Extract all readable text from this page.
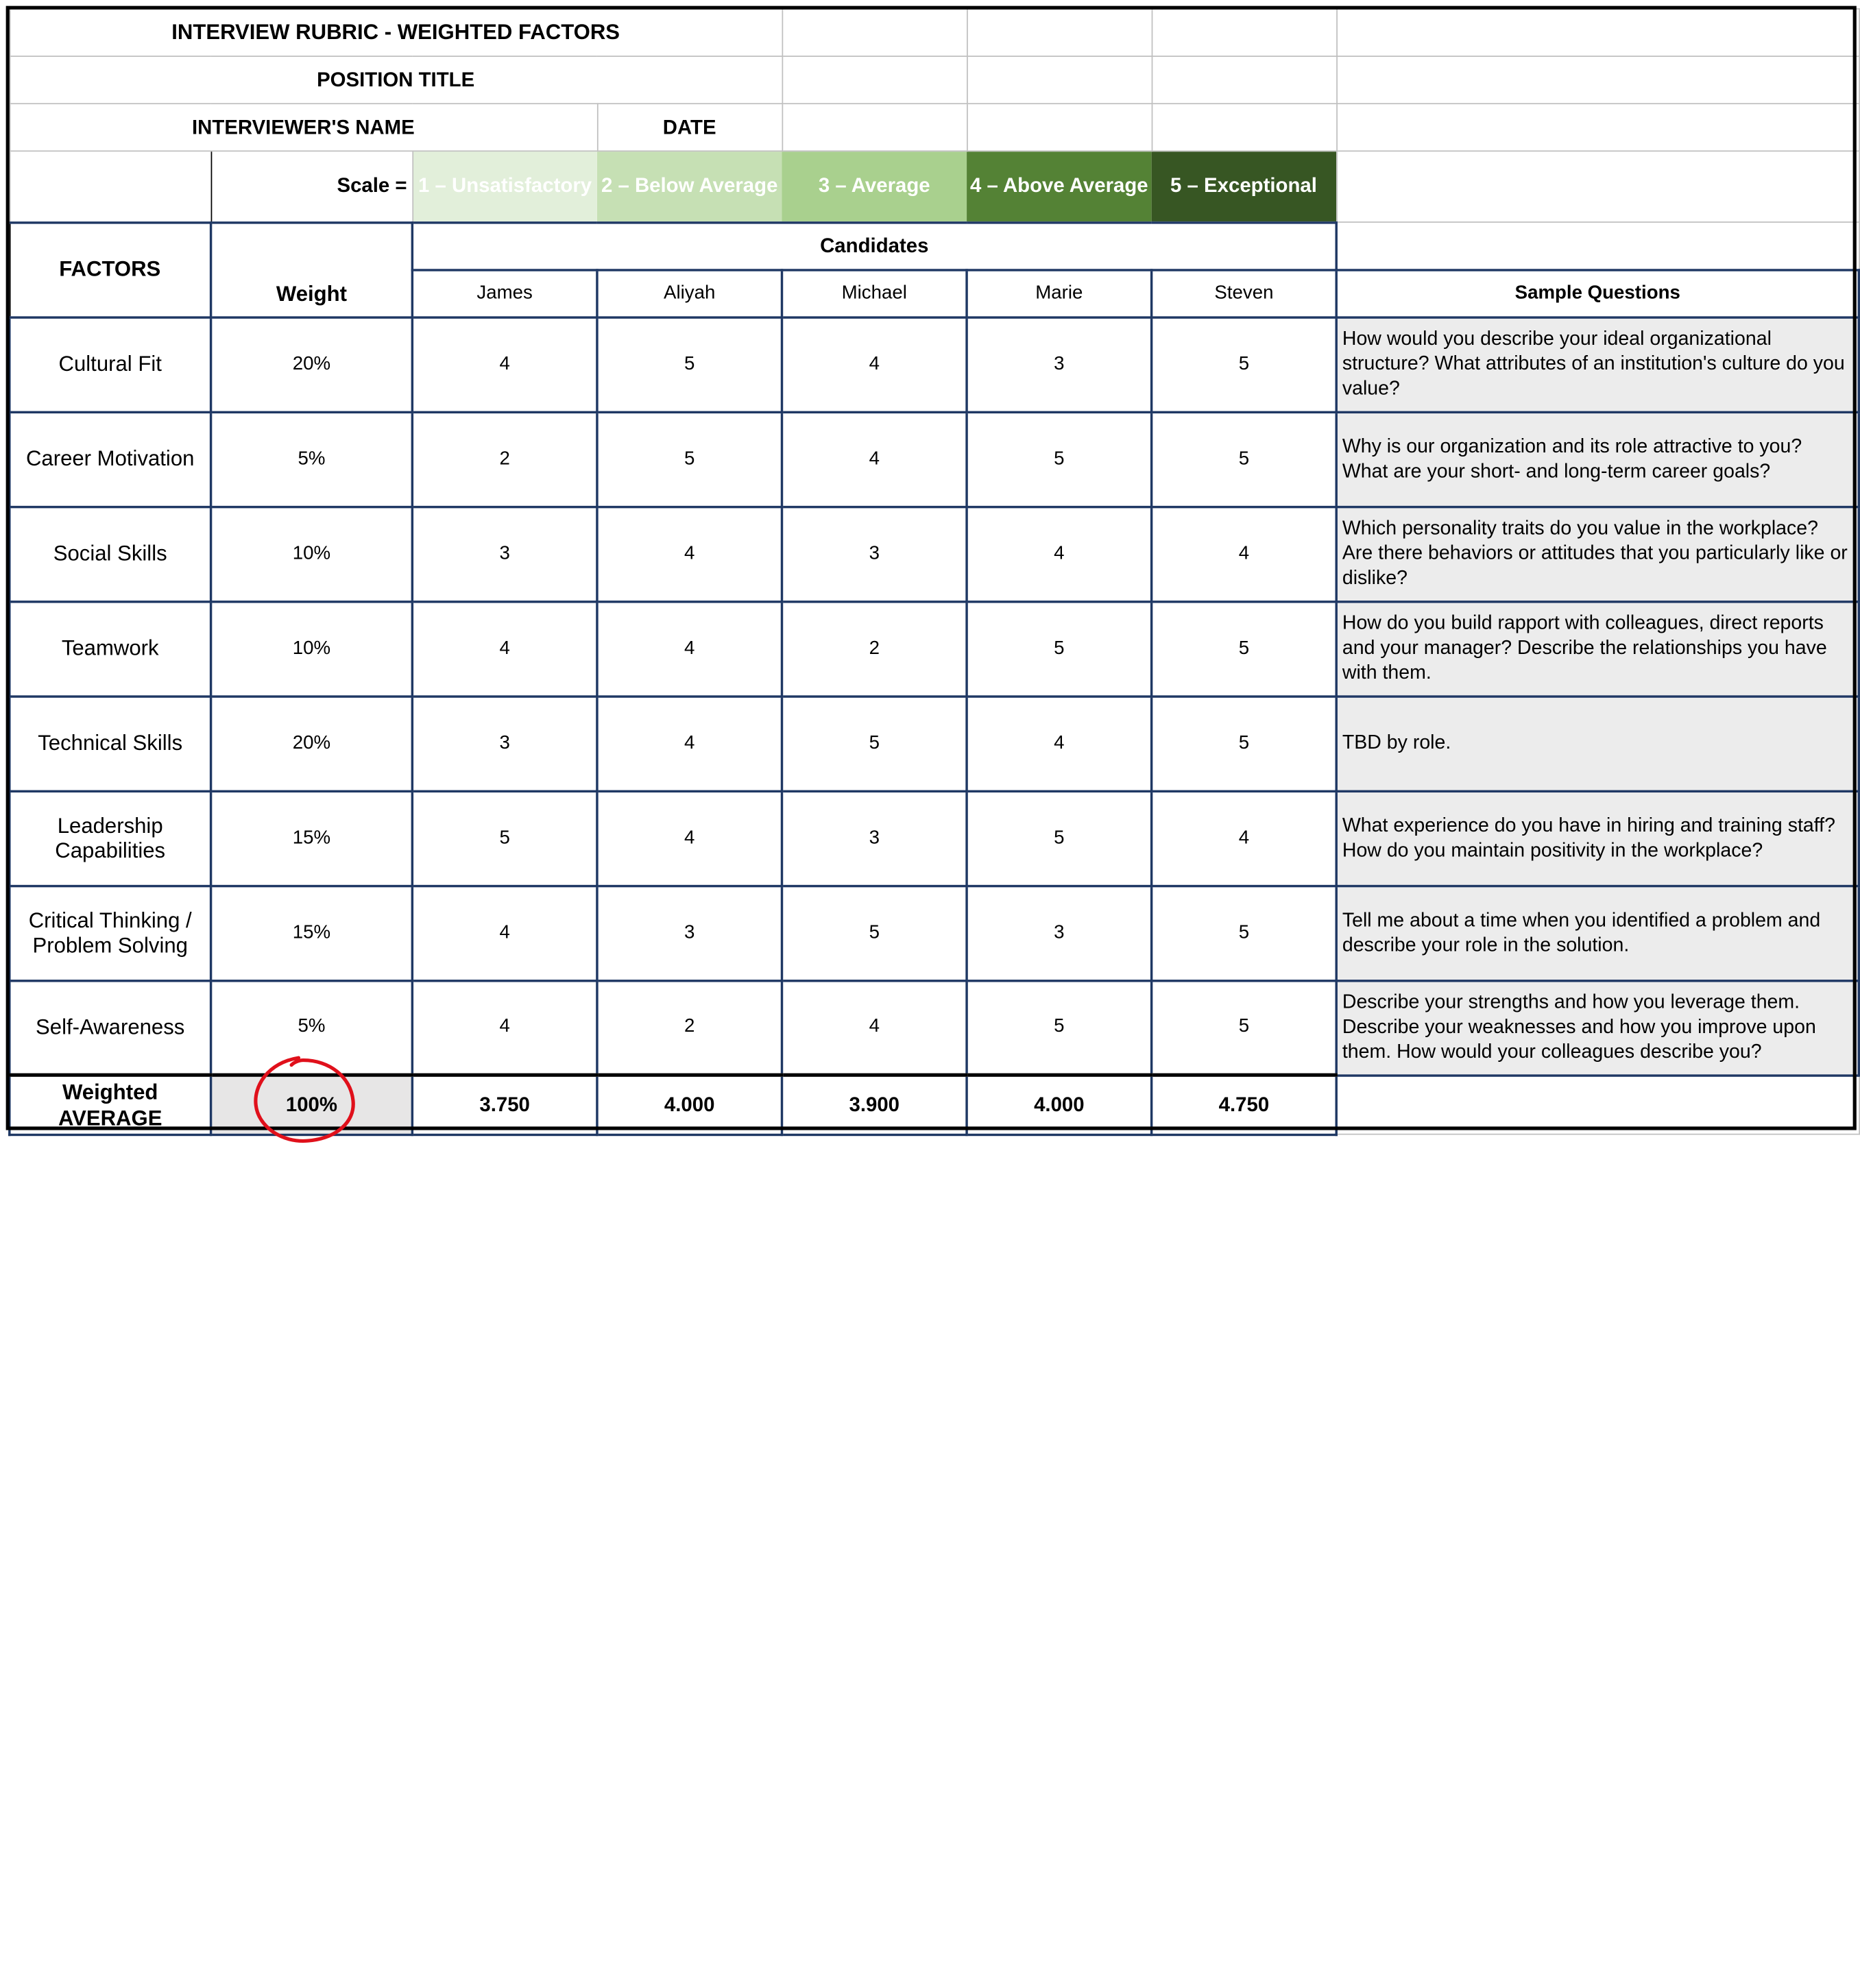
INTERVIEW RUBRIC - WEIGHTED FACTORS							
POSITION TITLE							
INTERVIEWER'S NAME			DATE				
	Scale =	1 – Unsatisfactory	2 – Below Average	3 – Average	4 – Above Average	5 – Exceptional	
FACTORS	Weight	Candidates					
		James	Aliyah	Michael	Marie	Steven	Sample Questions
Cultural Fit	20%	4	5	4	3	5	How would you describe your ideal organizational structure? What attributes of an institution's culture do you value?
Career Motivation	5%	2	5	4	5	5	Why is our organization and its role attractive to you? What are your short- and long-term career goals?
Social Skills	10%	3	4	3	4	4	Which personality traits do you value in the workplace? Are there behaviors or attitudes that you particularly like or dislike?
Teamwork	10%	4	4	2	5	5	How do you build rapport with colleagues, direct reports and your manager? Describe the relationships you have with them.
Technical Skills	20%	3	4	5	4	5	TBD by role.
Leadership Capabilities	15%	5	4	3	5	4	What experience do you have in hiring and training staff? How do you maintain positivity in the workplace?
Critical Thinking / Problem Solving	15%	4	3	5	3	5	Tell me about a time when you identified a problem and describe your role in the solution.
Self-Awareness	5%	4	2	4	5	5	Describe your strengths and how you leverage them. Describe your weaknesses and how you improve upon them. How would your colleagues describe you?
Weighted AVERAGE	100%	3.750	4.000	3.900	4.000	4.750	
